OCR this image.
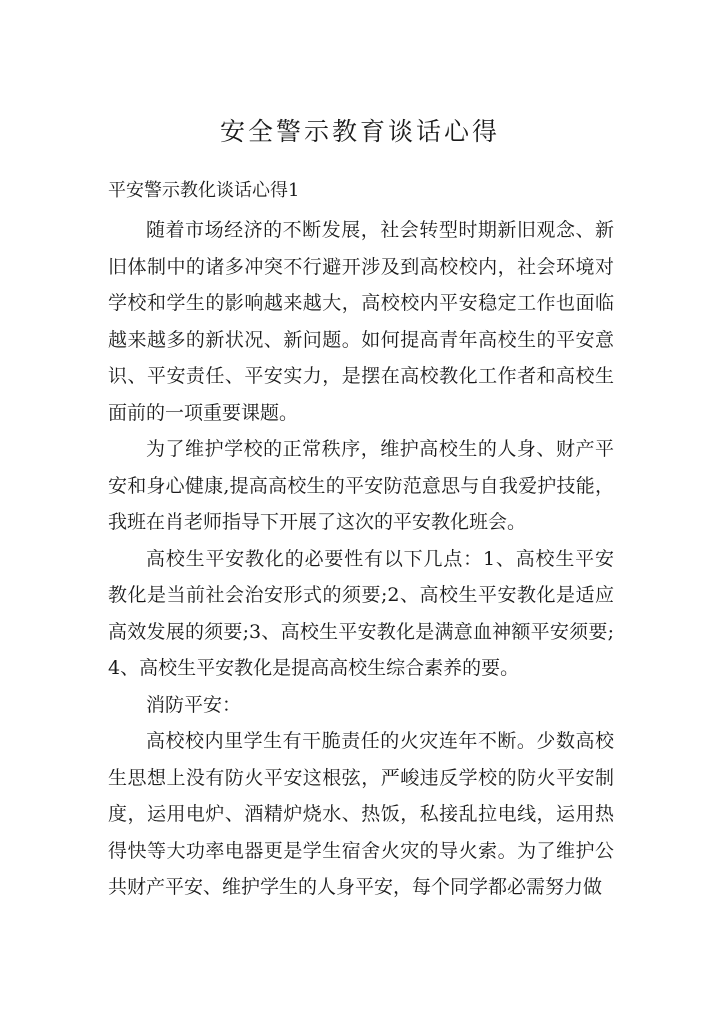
安全警示教育谈话心得

平安警示教化谈话心得1

随着市场经济的不断发展，社会转型时期新旧观念、新旧体制中的诸多冲突不行避开涉及到高校校内，社会环境对学校和学生的影响越来越大，高校校内平安稳定工作也面临越来越多的新状况、新问题。如何提高青年高校生的平安意识、平安责任、平安实力，是摆在高校教化工作者和高校生面前的一项重要课题。

为了维护学校的正常秩序，维护高校生的人身、财产平安和身心健康,提高高校生的平安防范意思与自我爱护技能，我班在肖老师指导下开展了这次的平安教化班会。

高校生平安教化的必要性有以下几点：1、高校生平安教化是当前社会治安形式的须要;2、高校生平安教化是适应高效发展的须要;3、高校生平安教化是满意血神额平安须要;4、高校生平安教化是提高高校生综合素养的要。

消防平安：

高校校内里学生有干脆责任的火灾连年不断。少数高校生思想上没有防火平安这根弦，严峻违反学校的防火平安制度，运用电炉、酒精炉烧水、热饭，私接乱拉电线，运用热得快等大功率电器更是学生宿舍火灾的导火索。为了维护公共财产平安、维护学生的人身平安，每个同学都必需努力做
